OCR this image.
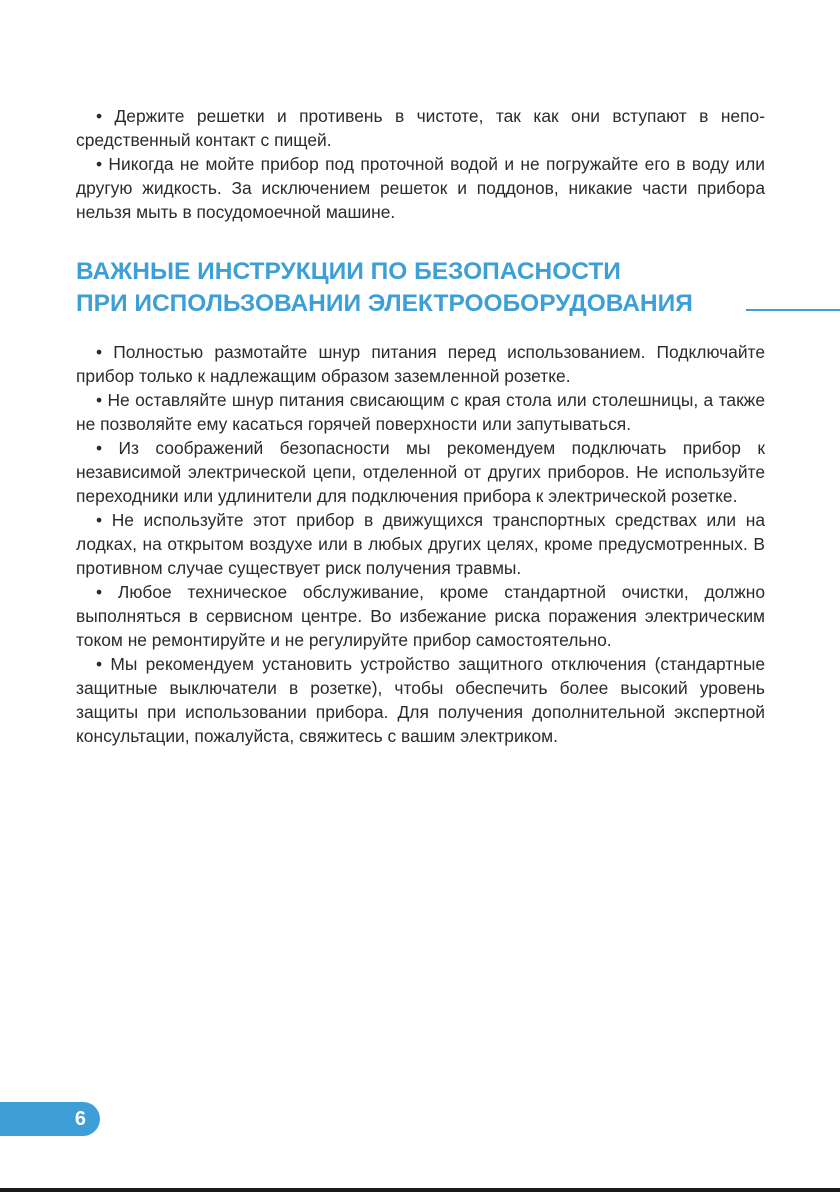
• Держите решетки и противень в чистоте, так как они вступают в непосредственный контакт с пищей.

• Никогда не мойте прибор под проточной водой и не погружайте его в воду или другую жидкость. За исключением решеток и поддонов, никакие части прибора нельзя мыть в посудомоечной машине.

ВАЖНЫЕ ИНСТРУКЦИИ ПО БЕЗОПАСНОСТИ
ПРИ ИСПОЛЬЗОВАНИИ ЭЛЕКТРООБОРУДОВАНИЯ

• Полностью размотайте шнур питания перед использованием. Подключайте прибор только к надлежащим образом заземленной розетке.

• Не оставляйте шнур питания свисающим с края стола или столешницы, а также не позволяйте ему касаться горячей поверхности или запутываться.

• Из соображений безопасности мы рекомендуем подключать прибор к независимой электрической цепи, отделенной от других приборов. Не используйте переходники или удлинители для подключения прибора к электрической розетке.

• Не используйте этот прибор в движущихся транспортных средствах или на лодках, на открытом воздухе или в любых других целях, кроме предусмотренных. В противном случае существует риск получения травмы.

• Любое техническое обслуживание, кроме стандартной очистки, должно выполняться в сервисном центре. Во избежание риска поражения электрическим током не ремонтируйте и не регулируйте прибор самостоятельно.

• Мы рекомендуем установить устройство защитного отключения (стандартные защитные выключатели в розетке), чтобы обеспечить более высокий уровень защиты при использовании прибора. Для получения дополнительной экспертной консультации, пожалуйста, свяжитесь с вашим электриком.

6
